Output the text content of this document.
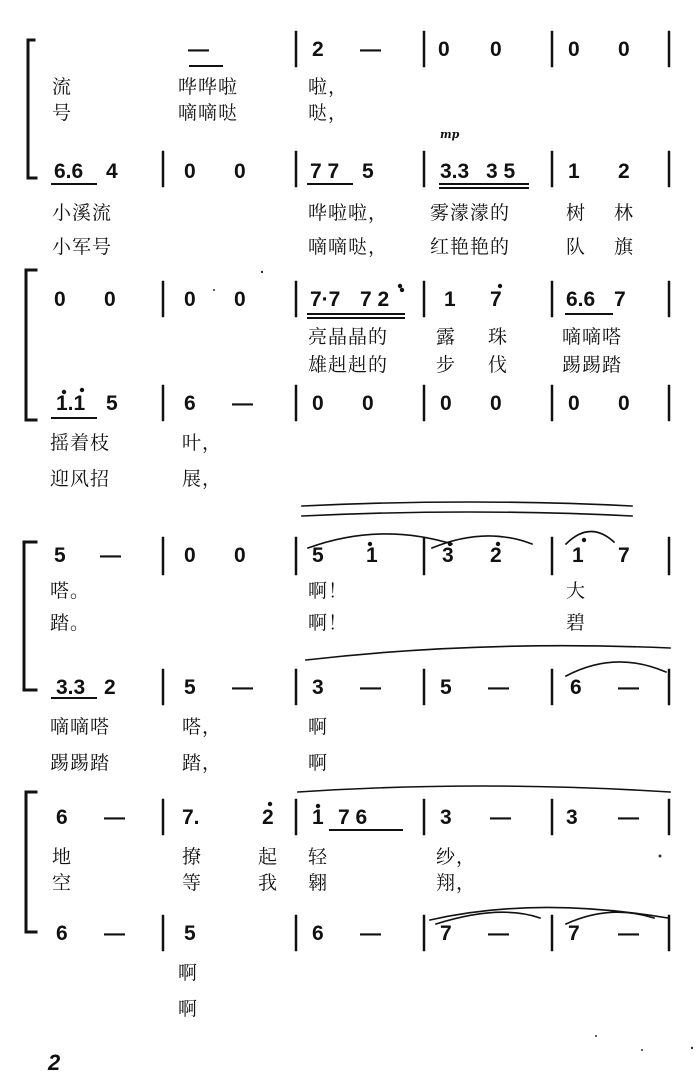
—	2 —	0 0	0 0
流	哗哗啦	啦，
号	嘀嘀哒	哒，
mp
6.6 4	0 0	7 7 5	3.3 3 5	1 2
小溪流	哗啦啦， 雾濛濛的	树 林
小军号	嘀嘀哒， 红艳艳的	队 旗
0 0	0 0	7·7 7 2	1 7	6.6 7
亮晶晶的	露 珠	嘀嘀嗒
雄赳赳的	步 伐	踢踢踏
1.1 5	6 —	0 0	0 0	0 0
摇着枝	叶，
迎风招	展，
5 —	0 0	5 1	3 2	1 7
嗒。	啊！	大
踏。	啊！	碧
3.3 2	5 —	3 —	5 —	6 —
嘀嘀嗒	嗒，	啊
踢踢踏	踏，	啊
6 —	7.	2 1 7 6	3 —	3 —
地	撩	起 轻	纱，
空	等	我 翱	翔，
6 —	5	6 —	7 —	7 —
啊
啊
2
